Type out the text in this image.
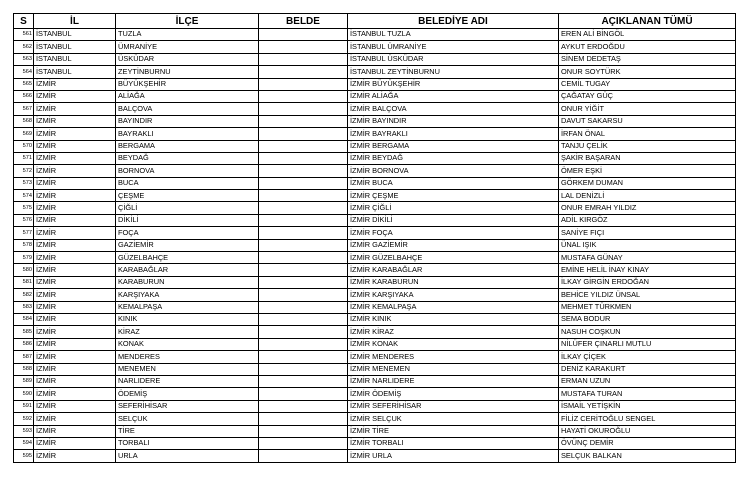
S	İL	İLÇE	BELDE	BELEDİYE ADI	AÇIKLANAN TÜMÜ
561	İSTANBUL	TUZLA		İSTANBUL TUZLA	EREN ALİ BİNGÖL
562	İSTANBUL	ÜMRANİYE		İSTANBUL ÜMRANİYE	AYKUT ERDOĞDU
563	İSTANBUL	ÜSKÜDAR		İSTANBUL ÜSKÜDAR	SİNEM DEDETAŞ
564	İSTANBUL	ZEYTİNBURNU		İSTANBUL ZEYTİNBURNU	ONUR SOYTÜRK
565	İZMİR	BÜYÜKŞEHİR		İZMİR BÜYÜKŞEHİR	CEMİL TUGAY
566	İZMİR	ALİAĞA		İZMİR ALİAĞA	ÇAĞATAY GÜÇ
567	İZMİR	BALÇOVA		İZMİR BALÇOVA	ONUR YİĞİT
568	İZMİR	BAYINDIR		İZMİR BAYINDIR	DAVUT SAKARSU
569	İZMİR	BAYRAKLI		İZMİR BAYRAKLI	İRFAN ÖNAL
570	İZMİR	BERGAMA		İZMİR BERGAMA	TANJU ÇELİK
571	İZMİR	BEYDAĞ		İZMİR BEYDAĞ	ŞAKİR BAŞARAN
572	İZMİR	BORNOVA		İZMİR BORNOVA	ÖMER EŞKİ
573	İZMİR	BUCA		İZMİR BUCA	GÖRKEM DUMAN
574	İZMİR	ÇEŞME		İZMİR ÇEŞME	LAL DENİZLİ
575	İZMİR	ÇİĞLİ		İZMİR ÇİĞLİ	ONUR EMRAH YILDIZ
576	İZMİR	DİKİLİ		İZMİR DİKİLİ	ADİL KIRGÖZ
577	İZMİR	FOÇA		İZMİR FOÇA	SANİYE FIÇI
578	İZMİR	GAZİEMİR		İZMİR GAZİEMİR	ÜNAL IŞIK
579	İZMİR	GÜZELBAHÇE		İZMİR GÜZELBAHÇE	MUSTAFA GÜNAY
580	İZMİR	KARABAĞLAR		İZMİR KARABAĞLAR	EMİNE HELİL İNAY KINAY
581	İZMİR	KARABURUN		İZMİR KARABURUN	İLKAY GİRGİN ERDOĞAN
582	İZMİR	KARŞIYAKA		İZMİR KARŞIYAKA	BEHİCE YILDIZ ÜNSAL
583	İZMİR	KEMALPAŞA		İZMİR KEMALPAŞA	MEHMET TÜRKMEN
584	İZMİR	KINIK		İZMİR KINIK	SEMA BODUR
585	İZMİR	KİRAZ		İZMİR KİRAZ	NASUH COŞKUN
586	İZMİR	KONAK		İZMİR KONAK	NİLÜFER ÇINARLI MUTLU
587	İZMİR	MENDERES		İZMİR MENDERES	İLKAY ÇİÇEK
588	İZMİR	MENEMEN		İZMİR MENEMEN	DENİZ KARAKURT
589	İZMİR	NARLIDERE		İZMİR NARLIDERE	ERMAN UZUN
590	İZMİR	ÖDEMİŞ		İZMİR ÖDEMİŞ	MUSTAFA TURAN
591	İZMİR	SEFERİHİSAR		İZMİR SEFERİHİSAR	İSMAİL YETİŞKİN
592	İZMİR	SELÇUK		İZMİR SELÇUK	FİLİZ CERİTOĞLU SENGEL
593	İZMİR	TİRE		İZMİR TİRE	HAYATİ OKUROĞLU
594	İZMİR	TORBALI		İZMİR TORBALI	ÖVÜNÇ DEMİR
595	İZMİR	URLA		İZMİR URLA	SELÇUK BALKAN
